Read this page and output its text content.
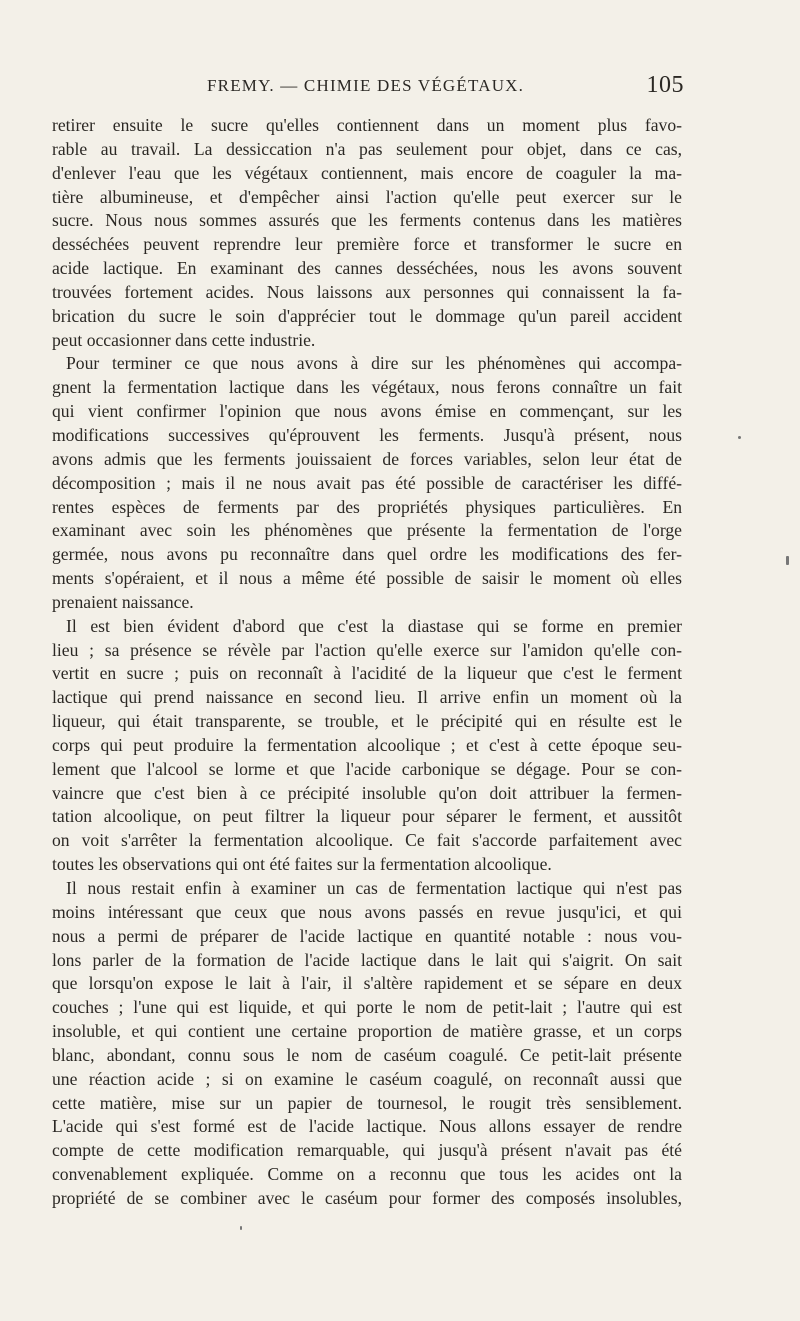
FREMY. — CHIMIE DES VÉGÉTAUX.	105
retirer ensuite le sucre qu'elles contiennent dans un moment plus favo-
rable au travail. La dessiccation n'a pas seulement pour objet, dans ce cas,
d'enlever l'eau que les végétaux contiennent, mais encore de coaguler la ma-
tière albumineuse, et d'empêcher ainsi l'action qu'elle peut exercer sur le
sucre. Nous nous sommes assurés que les ferments contenus dans les matières
desséchées peuvent reprendre leur première force et transformer le sucre en
acide lactique. En examinant des cannes desséchées, nous les avons souvent
trouvées fortement acides. Nous laissons aux personnes qui connaissent la fa-
brication du sucre le soin d'apprécier tout le dommage qu'un pareil accident
peut occasionner dans cette industrie.
Pour terminer ce que nous avons à dire sur les phénomènes qui accompa-
gnent la fermentation lactique dans les végétaux, nous ferons connaître un fait
qui vient confirmer l'opinion que nous avons émise en commençant, sur les
modifications successives qu'éprouvent les ferments. Jusqu'à présent, nous
avons admis que les ferments jouissaient de forces variables, selon leur état de
décomposition ; mais il ne nous avait pas été possible de caractériser les diffé-
rentes espèces de ferments par des propriétés physiques particulières. En
examinant avec soin les phénomènes que présente la fermentation de l'orge
germée, nous avons pu reconnaître dans quel ordre les modifications des fer-
ments s'opéraient, et il nous a même été possible de saisir le moment où elles
prenaient naissance.
Il est bien évident d'abord que c'est la diastase qui se forme en premier
lieu ; sa présence se révèle par l'action qu'elle exerce sur l'amidon qu'elle con-
vertit en sucre ; puis on reconnaît à l'acidité de la liqueur que c'est le ferment
lactique qui prend naissance en second lieu. Il arrive enfin un moment où la
liqueur, qui était transparente, se trouble, et le précipité qui en résulte est le
corps qui peut produire la fermentation alcoolique ; et c'est à cette époque seu-
lement que l'alcool se lorme et que l'acide carbonique se dégage. Pour se con-
vaincre que c'est bien à ce précipité insoluble qu'on doit attribuer la fermen-
tation alcoolique, on peut filtrer la liqueur pour séparer le ferment, et aussitôt
on voit s'arrêter la fermentation alcoolique. Ce fait s'accorde parfaitement avec
toutes les observations qui ont été faites sur la fermentation alcoolique.
Il nous restait enfin à examiner un cas de fermentation lactique qui n'est pas
moins intéressant que ceux que nous avons passés en revue jusqu'ici, et qui
nous a permi de préparer de l'acide lactique en quantité notable : nous vou-
lons parler de la formation de l'acide lactique dans le lait qui s'aigrit. On sait
que lorsqu'on expose le lait à l'air, il s'altère rapidement et se sépare en deux
couches ; l'une qui est liquide, et qui porte le nom de petit-lait ; l'autre qui est
insoluble, et qui contient une certaine proportion de matière grasse, et un corps
blanc, abondant, connu sous le nom de caséum coagulé. Ce petit-lait présente
une réaction acide ; si on examine le caséum coagulé, on reconnaît aussi que
cette matière, mise sur un papier de tournesol, le rougit très sensiblement.
L'acide qui s'est formé est de l'acide lactique. Nous allons essayer de rendre
compte de cette modification remarquable, qui jusqu'à présent n'avait pas été
convenablement expliquée. Comme on a reconnu que tous les acides ont la
propriété de se combiner avec le caséum pour former des composés insolubles,
